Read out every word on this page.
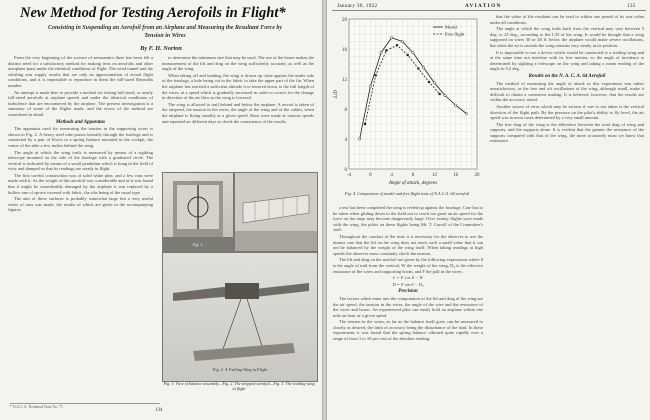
New Method for Testing Aerofoils in Flight*
Consisting in Suspending an Aerofoil from an Airplane and Measuring the Resultant Force by Tension in Wires
By F. H. Norton

From the very beginning of the science of aeronautics there has been felt a distinct need for a satisfactory method for making tests on aerofoils and other aeroplane parts under the identical conditions of flight. The wind tunnel and the whirling arm supply results that are only an approximation of actual flight conditions, and it is impossible to reproduce in them the full-sized Reynolds number.

An attempt is made here to provide a method for testing full-sized, or nearly full-sized aerofoils at airplane speeds and under the identical conditions of turbulence that are encountered by the airplane. The present investigation is a summary of some of the flights made, and the errors of the method are considered in detail.

Methods and Apparatus

The apparatus used for measuring the tension in the supporting wires is shown in Fig. 2. A heavy steel tube passes laterally through the fuselage and is connected by a pair of levers to a spring balance mounted in the cockpit, the center of the tube a few inches behind the wing.

The angle at which the wing trails is measured by means of a sighting telescope mounted on the side of the fuselage with a graduated circle. The vertical is indicated by means of a small pendulum which is hung in the field of view and damped so that its readings are steady in flight.

The first careful construction was of solid white pine, and a few runs were made with it. As the weight of this aerofoil was considerable and as it was found that it might be considerably damaged by the airplane it was replaced by a hollow one of spruce covered with fabric, the ribs being of the usual type.

The aim of these surfaces is probably somewhat large but a very useful series of runs was made, the results of which are given in the accompanying figures.

to determine the minimum size that may be used. The use of the boom makes the measurement of the lift and drag on the wing sufficiently accurate, as well as the angle of the wing.

When taking off and landing, the wing is drawn up close against the under side of the fuselage, a hole being cut in the fabric to take the upper part of the fin. When the airplane has reached a sufficient altitude it is lowered down to the full length of the wires, at a speed which is gradually increased in order to correct for the change in direction of the air flow as the wing is lowered.

The wing is allowed to trail behind and below the airplane. A record is taken of the airspeed, the tension in the wires, the angle of the wing and of the cables, when the airplane is flying steadily at a given speed. Runs were made at various speeds and repeated on different days to check the consistency of the results.

Fig. 1.
Fig. 2. A Trailing Wing in Flight
Fig. 3. View of balance assembly—Fig. 2. The stripped aerofoil—Fig. 3. The trailing wing in flight
* N.A.C.A. Technical Note No. 77.
134
January 30, 1922	AVIATION	135
-4	0	4	8	12	16	20
0
4
8
12
16
20
Angle of attack, degrees
L/D
Model
Free flight
Fig. 4. Comparison of model and free flight tests of N.A.C.A. 64 aerofoil

a test has been completed the wing is reeled up against the fuselage. Care has to be taken when gliding down to the field not to reach too great an air speed for the force on the rings may become dangerously large. Over twenty flights were made with the wing, the pilots on these flights being Mr. T. Carroll of the Committee's staff.

Throughout the conduct of the tests it is necessary for the observer to use the utmost care that the lift on the wing does not reach such a small value that it can not be balanced by the weight of the wing itself. When taking readings at high speeds the observer must constantly check the tension.

The lift and drag on the aerofoil are given by the following expressions where θ is the angle of trail from the vertical, W the weight of the wing, D₀ is the effective resistance of the wires and supporting boom, and F the pull in the wires.

L = F cos θ − W

D = F sin θ − D₀

Precision

The factors which enter into the computation of the lift and drag of the wing are the air speed, the tension in the wires, the angle of the wire and the resistance of the wires and boom. An experienced pilot can easily hold an airplane within one mile an hour of a given speed.

The tension in the wires, as far as the balance itself goes, can be measured to closely as desired, the limit of accuracy being the disturbance of the load. In these experiments it was found that the spring balance vibrated quite rapidly over a range of from 3 to 10 per cent of the absolute reading.

that the value of the resultant can be read to within one pound of its true value under all conditions.

The angle at which the wing trails back from the vertical may vary between 5 deg. to 25 deg., according to the L/D of the wing. It would be thought that a wing supposed on wires 30 or 40 ft. below the airplane would make severe oscillations, but when the air is smooth the wing remains very steady in its position.

It is impossible to use a device which would be connected to a trailing wing and at the same time not interfere with its free motion, so the angle of incidence is determined by sighting a telescope on the wing and taking a mean reading of the angle to 0.2 deg.

Results on the N. A. C. A. 64 Aerofoil

The method of measuring the angle of attack in this experiment was rather unsatisfactory, as the free and oft oscillations of the wing, although small, make it difficult to obtain a consistent reading. It is believed, however, that the results are within the accuracy stated.

Another source of error which may be serious if care is not taken is the vertical direction of the flight path. By the pressure on the pilot's ability to fly level, the air speed was in most cases determined by a very small amount.

The free drag of the wing is the difference between the total drag of wing and supports, and the supports alone. It is evident that the greater the resistance of the supports compared with that of the wing, the more accurately must we know that resistance.
